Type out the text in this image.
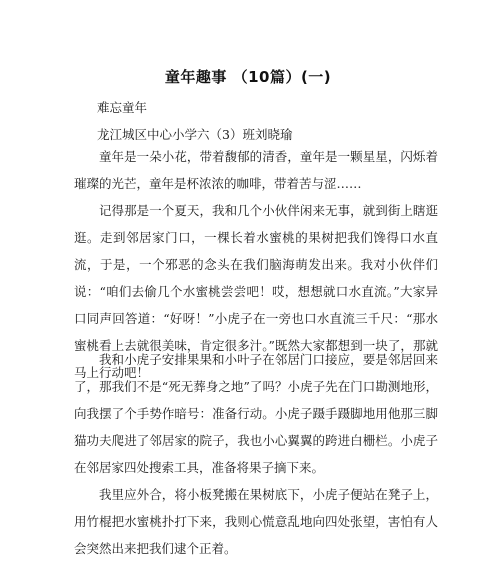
童年趣事 （10篇）(一)
难忘童年
龙江城区中心小学六（3）班刘晓瑜
童年是一朵小花，带着馥郁的清香，童年是一颗星星，闪烁着璀璨的光芒，童年是杯浓浓的咖啡，带着苦与涩……
记得那是一个夏天，我和几个小伙伴闲来无事，就到街上瞎逛逛。走到邻居家门口，一棵长着水蜜桃的果树把我们馋得口水直流，于是，一个邪恶的念头在我们脑海萌发出来。我对小伙伴们说：“咱们去偷几个水蜜桃尝尝吧！哎，想想就口水直流。”大家异口同声回答道：“好呀！”小虎子在一旁也口水直流三千尺：“那水蜜桃看上去就很美味，肯定很多汁。”既然大家都想到一块了，那就马上行动吧！
我和小虎子安排果果和小叶子在邻居门口接应，要是邻居回来了，那我们不是“死无葬身之地”了吗？小虎子先在门口勘测地形，向我摆了个手势作暗号：准备行动。小虎子蹑手蹑脚地用他那三脚猫功夫爬进了邻居家的院子，我也小心翼翼的跨进白栅栏。小虎子在邻居家四处搜索工具，准备将果子摘下来。
我里应外合，将小板凳搬在果树底下，小虎子便站在凳子上，用竹棍把水蜜桃扑打下来，我则心慌意乱地向四处张望，害怕有人会突然出来把我们逮个正着。
